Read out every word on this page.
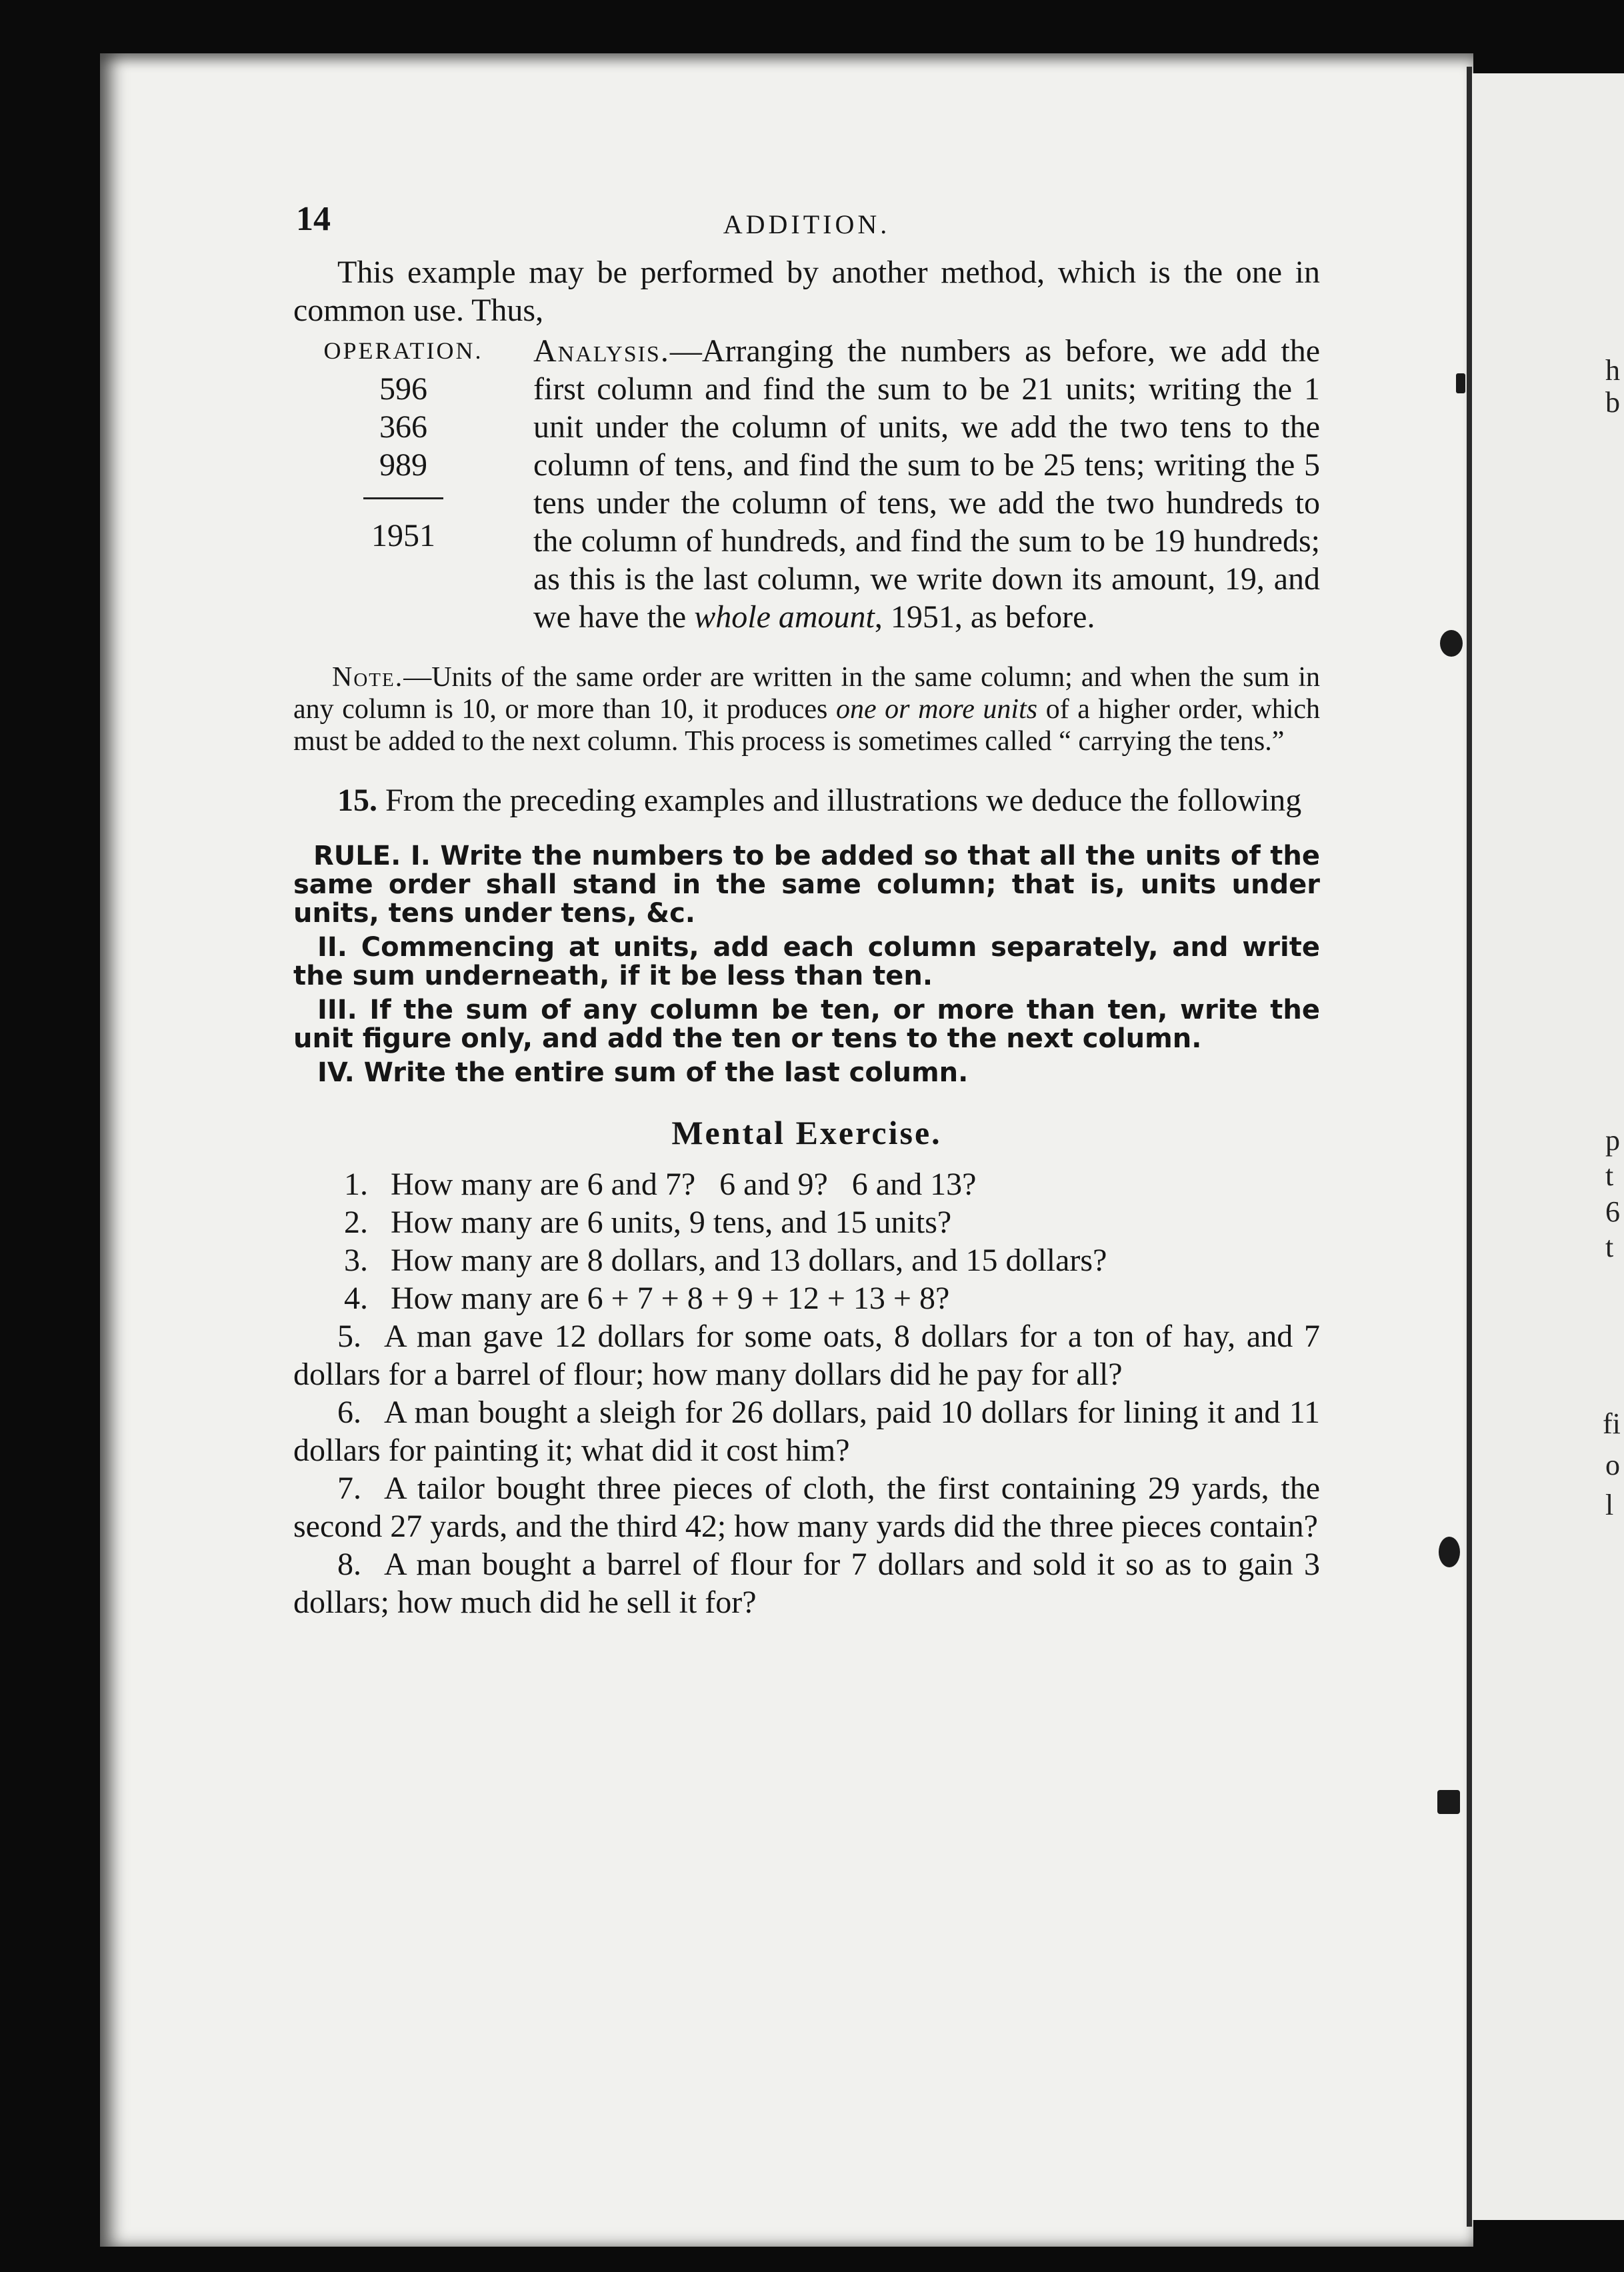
h
b
p
t
6
t
fi
o
l
14	ADDITION.

This example may be performed by another method, which is the one in common use. Thus,

OPERATION.
596
366
989
1951

Analysis.—Arranging the numbers as before, we add the first column and find the sum to be 21 units; writing the 1 unit under the column of units, we add the two tens to the column of tens, and find the sum to be 25 tens; writing the 5 tens under the column of tens, we add the two hundreds to the column of hundreds, and find the sum to be 19 hundreds; as this is the last column, we write down its amount, 19, and we have the whole amount, 1951, as before.

Note.—Units of the same order are written in the same column; and when the sum in any column is 10, or more than 10, it produces one or more units of a higher order, which must be added to the next column. This process is sometimes called “ carrying the tens.”

15. From the preceding examples and illustrations we deduce the following

RULE. I. Write the numbers to be added so that all the units of the same order shall stand in the same column; that is, units under units, tens under tens, &c.

II. Commencing at units, add each column separately, and write the sum underneath, if it be less than ten.

III. If the sum of any column be ten, or more than ten, write the unit figure only, and add the ten or tens to the next column.

IV. Write the entire sum of the last column.

Mental Exercise.
1. How many are 6 and 7?   6 and 9?   6 and 13?
2. How many are 6 units, 9 tens, and 15 units?
3. How many are 8 dollars, and 13 dollars, and 15 dollars?
4. How many are 6 + 7 + 8 + 9 + 12 + 13 + 8?

5. A man gave 12 dollars for some oats, 8 dollars for a ton of hay, and 7 dollars for a barrel of flour; how many dollars did he pay for all?

6. A man bought a sleigh for 26 dollars, paid 10 dollars for lining it and 11 dollars for painting it; what did it cost him?

7. A tailor bought three pieces of cloth, the first containing 29 yards, the second 27 yards, and the third 42; how many yards did the three pieces contain?

8. A man bought a barrel of flour for 7 dollars and sold it so as to gain 3 dollars; how much did he sell it for?
